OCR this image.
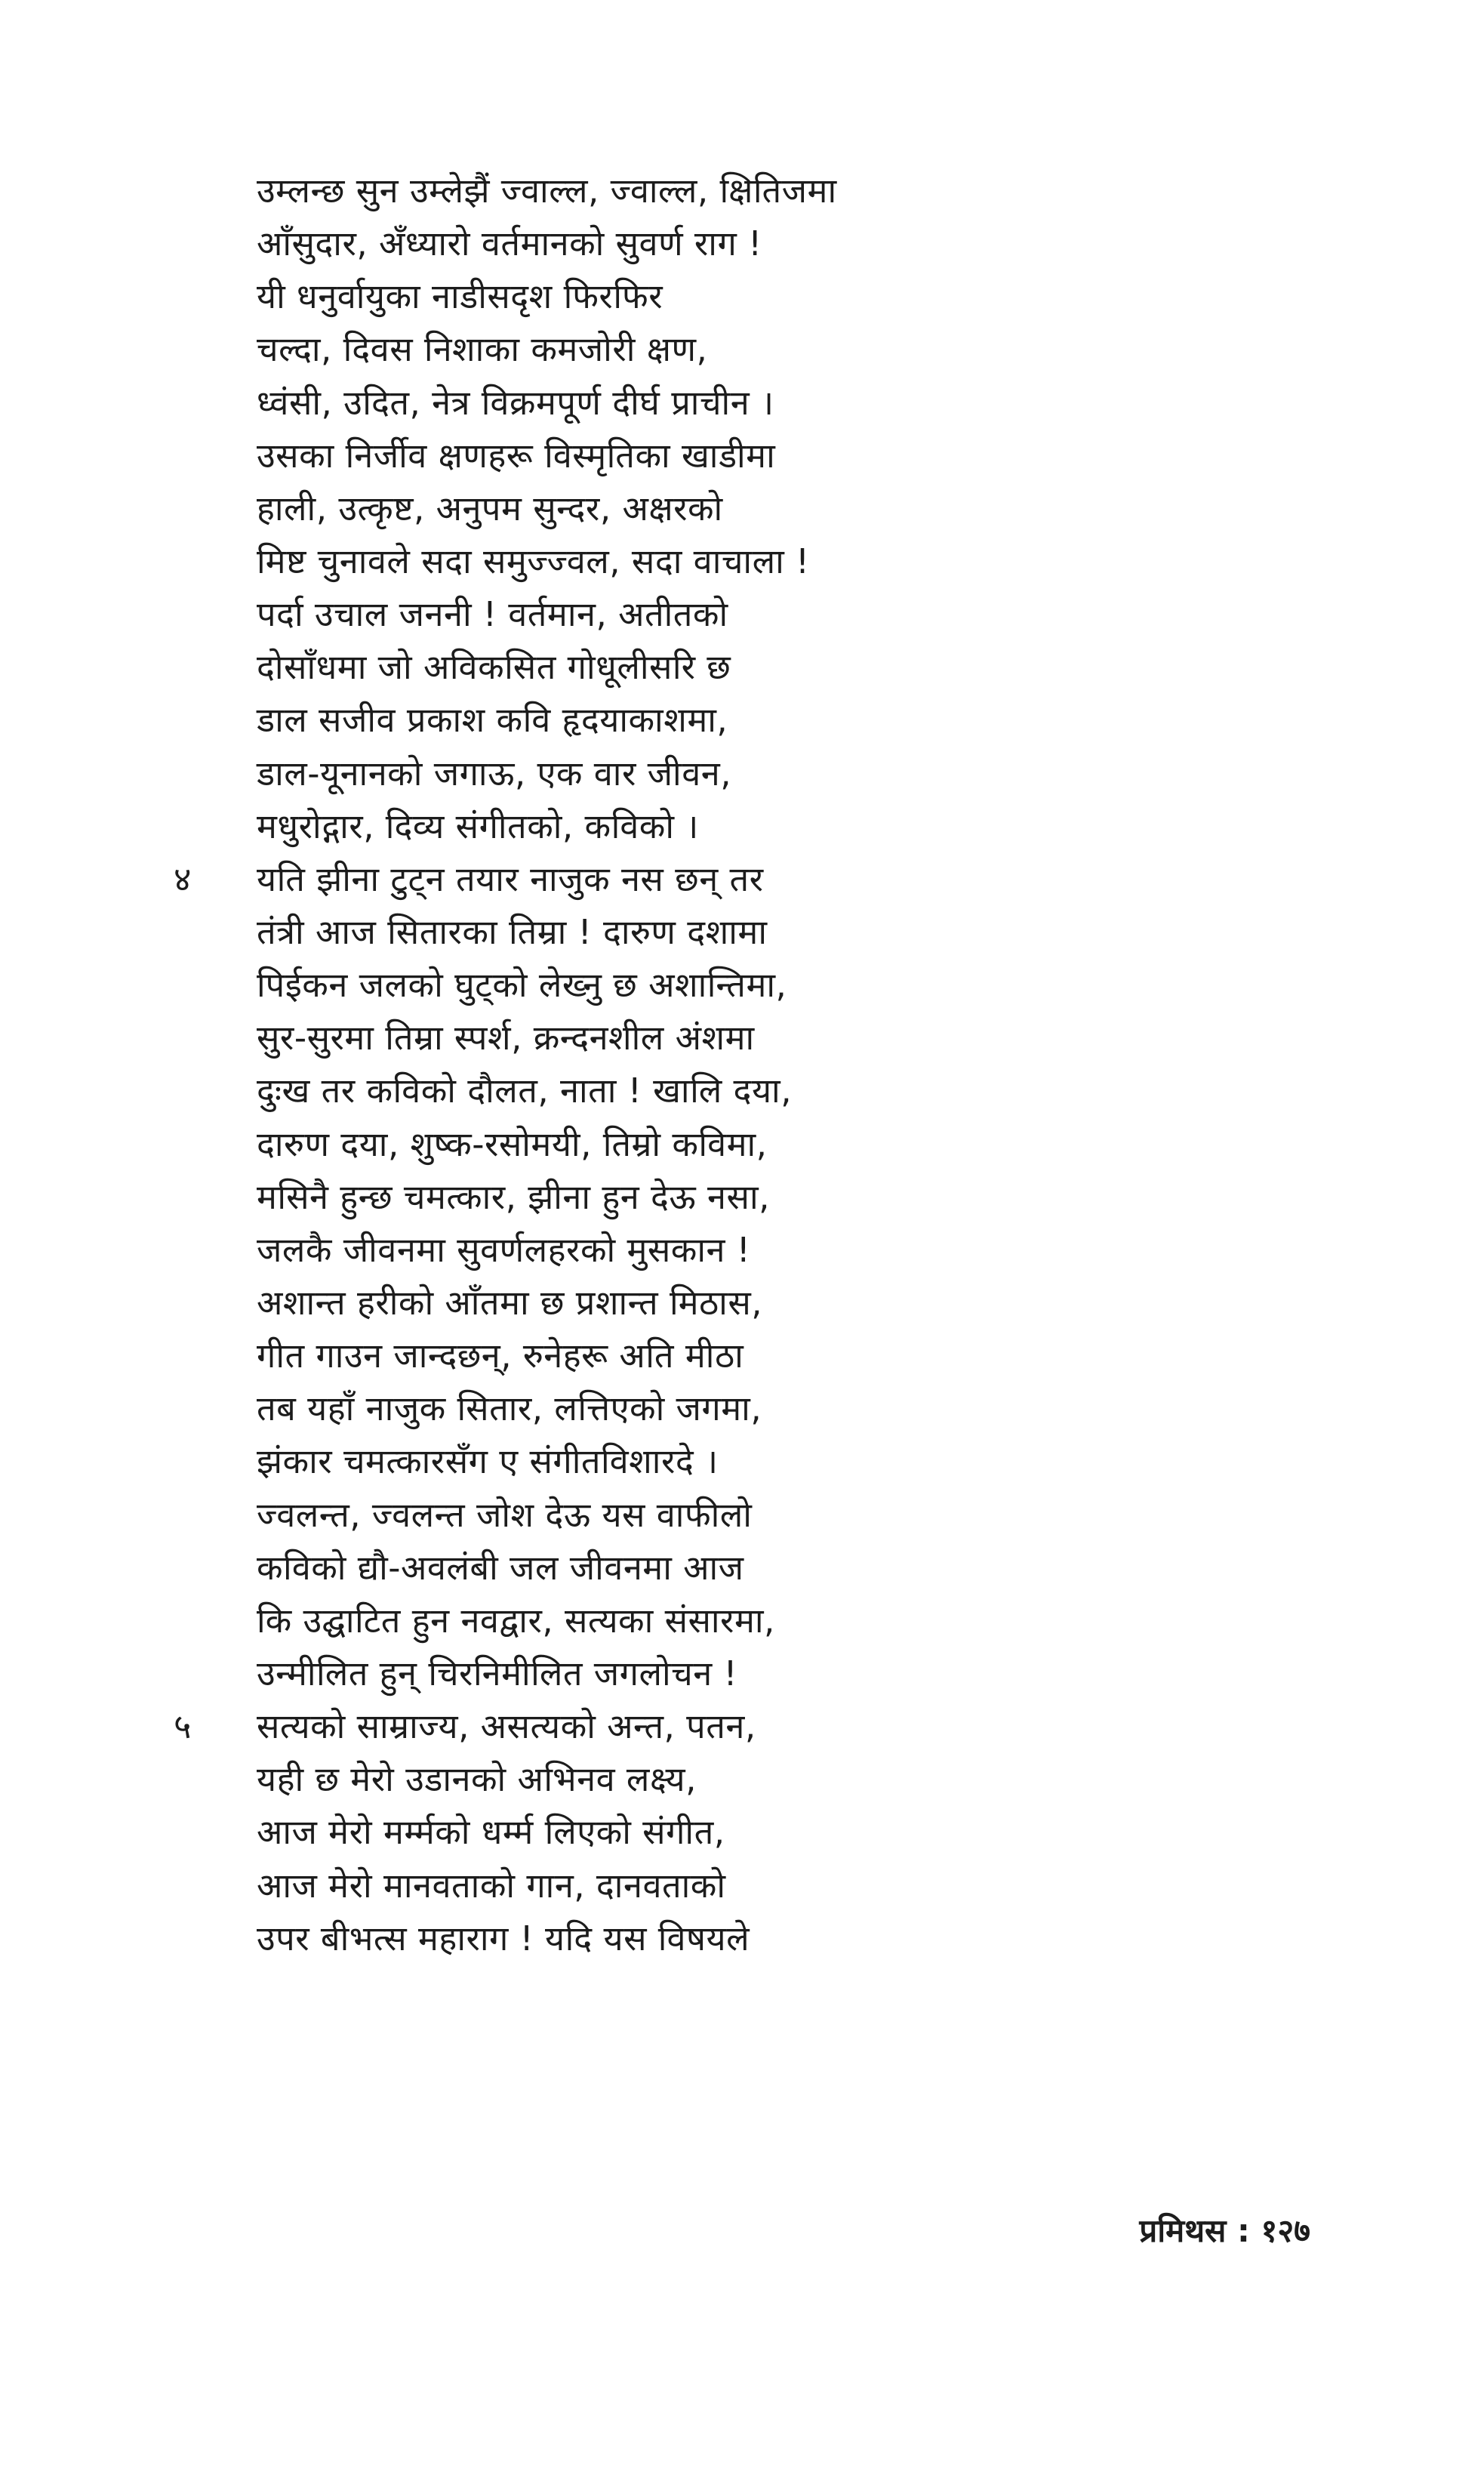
उम्लन्छ सुन उम्लेझैं ज्वाल्ल, ज्वाल्ल, क्षितिजमा
आँसुदार, अँध्यारो वर्तमानको सुवर्ण राग !
यी धनुर्वायुका नाडीसदृश फिरफिर
चल्दा, दिवस निशाका कमजोरी क्षण,
ध्वंसी, उदित, नेत्र विक्रमपूर्ण दीर्घ प्राचीन ।
उसका निर्जीव क्षणहरू विस्मृतिका खाडीमा
हाली, उत्कृष्ट, अनुपम सुन्दर, अक्षरको
मिष्ट चुनावले सदा समुज्ज्वल, सदा वाचाला !
पर्दा उचाल जननी ! वर्तमान, अतीतको
दोसाँधमा जो अविकसित गोधूलीसरि छ
डाल सजीव प्रकाश कवि हृदयाकाशमा,
डाल-यूनानको जगाऊ, एक वार जीवन,
मधुरोद्गार, दिव्य संगीतको, कविको ।
४ यति झीना टुट्न तयार नाजुक नस छन् तर
तंत्री आज सितारका तिम्रा ! दारुण दशामा
पिईकन जलको घुट्को लेख्नु छ अशान्तिमा,
सुर-सुरमा तिम्रा स्पर्श, क्रन्दनशील अंशमा
दुःख तर कविको दौलत, नाता ! खालि दया,
दारुण दया, शुष्क-रसोमयी, तिम्रो कविमा,
मसिनै हुन्छ चमत्कार, झीना हुन देऊ नसा,
जलकै जीवनमा सुवर्णलहरको मुसकान !
अशान्त हरीको आँतमा छ प्रशान्त मिठास,
गीत गाउन जान्दछन्, रुनेहरू अति मीठा
तब यहाँ नाजुक सितार, लत्तिएको जगमा,
झंकार चमत्कारसँग ए संगीतविशारदे ।
ज्वलन्त, ज्वलन्त जोश देऊ यस वाफीलो
कविको द्यौ-अवलंबी जल जीवनमा आज
कि उद्घाटित हुन नवद्वार, सत्यका संसारमा,
उन्मीलित हुन् चिरनिमीलित जगलोचन !
५ सत्यको साम्राज्य, असत्यको अन्त, पतन,
यही छ मेरो उडानको अभिनव लक्ष्य,
आज मेरो मर्म्मको धर्म्म लिएको संगीत,
आज मेरो मानवताको गान, दानवताको
उपर बीभत्स महाराग ! यदि यस विषयले
प्रमिथस : १२७
